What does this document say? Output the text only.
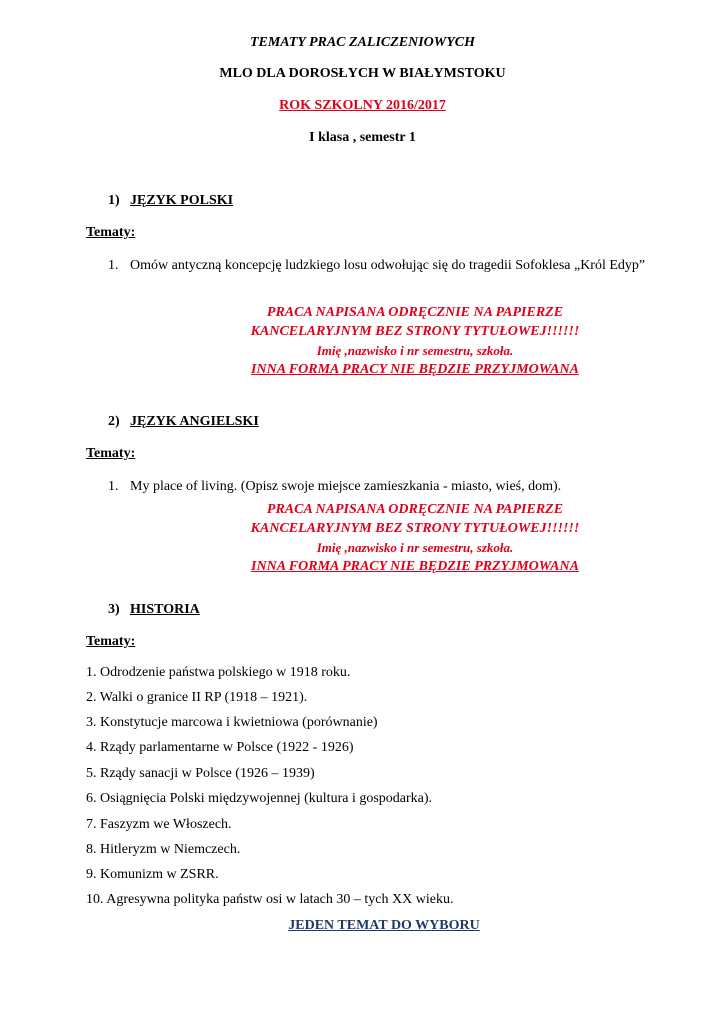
TEMATY PRAC ZALICZENIOWYCH
MLO DLA DOROSŁYCH W BIAŁYMSTOKU
ROK SZKOLNY 2016/2017
I klasa , semestr 1
1) JĘZYK POLSKI
Tematy:
1. Omów antyczną koncepcję ludzkiego losu odwołując się do tragedii Sofoklesa „Król Edyp”
PRACA NAPISANA ODRĘCZNIE NA PAPIERZE
KANCELARYJNYM BEZ STRONY TYTUŁOWEJ!!!!!!
Imię ,nazwisko i nr semestru, szkoła.
INNA FORMA PRACY NIE BĘDZIE PRZYJMOWANA
2) JĘZYK ANGIELSKI
Tematy:
1. My place of living. (Opisz swoje miejsce zamieszkania - miasto, wieś, dom).
PRACA NAPISANA ODRĘCZNIE NA PAPIERZE
KANCELARYJNYM BEZ STRONY TYTUŁOWEJ!!!!!!
Imię ,nazwisko i nr semestru, szkoła.
INNA FORMA PRACY NIE BĘDZIE PRZYJMOWANA
3) HISTORIA
Tematy:
1. Odrodzenie państwa polskiego w 1918 roku.
2. Walki o granice II RP (1918 – 1921).
3. Konstytucje marcowa i kwietniowa (porównanie)
4. Rządy parlamentarne w Polsce (1922 - 1926)
5. Rządy sanacji w Polsce (1926 – 1939)
6. Osiągnięcia Polski międzywojennej (kultura i gospodarka).
7. Faszyzm we Włoszech.
8. Hitleryzm w Niemczech.
9. Komunizm w ZSRR.
10. Agresywna polityka państw osi w latach 30 – tych XX wieku.
JEDEN TEMAT DO WYBORU
